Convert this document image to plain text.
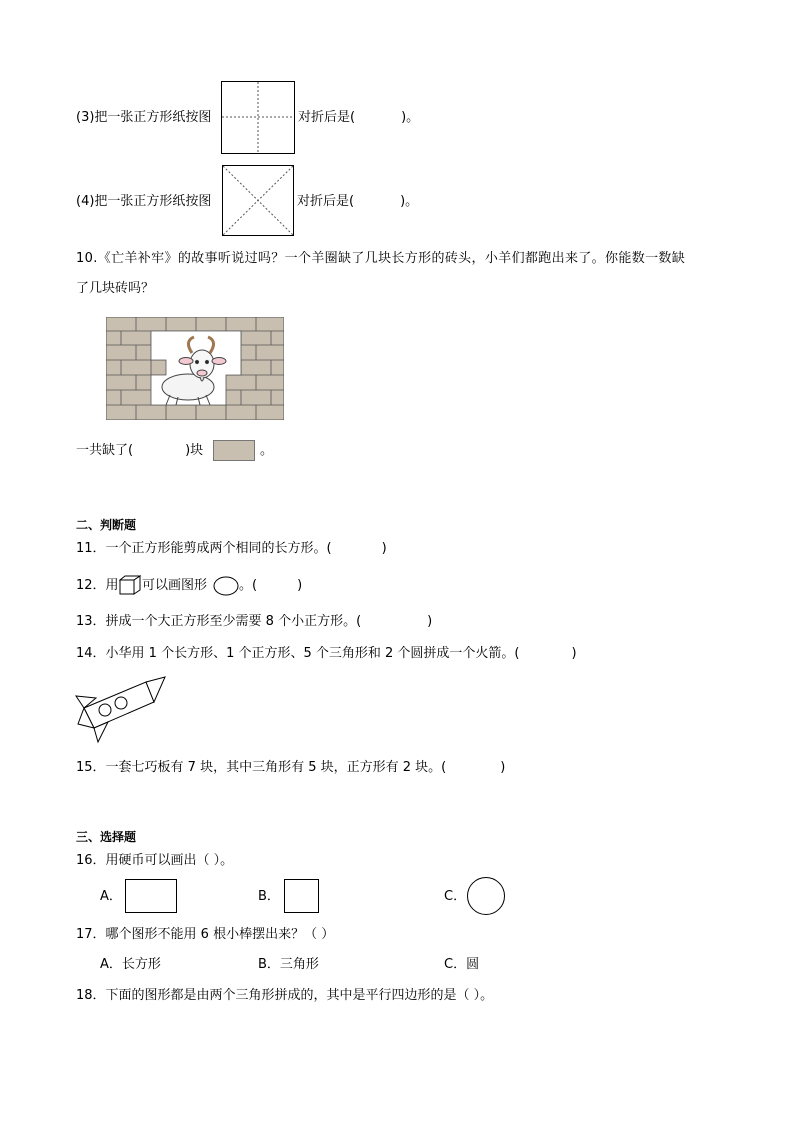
(3)把一张正方形纸按图	对折后是(	)。
(4)把一张正方形纸按图	对折后是(	)。
10.《亡羊补牢》的故事听说过吗？一个羊圈缺了几块长方形的砖头，小羊们都跑出来了。你能数一数缺
了几块砖吗？
一共缺了(	)块	。
二、判断题
11．一个正方形能剪成两个相同的长方形。(	)
12．用 可以画图形 。(	)
13．拼成一个大正方形至少需要 8 个小正方形。(	)
14．小华用 1 个长方形、1 个正方形、5 个三角形和 2 个圆拼成一个火箭。(	)
15．一套七巧板有 7 块，其中三角形有 5 块，正方形有 2 块。(	)
三、选择题
16．用硬币可以画出（ ）。
A．	B．	C．
17．哪个图形不能用 6 根小棒摆出来？（ ）
A．长方形	B．三角形	C．圆
18．下面的图形都是由两个三角形拼成的，其中是平行四边形的是（ ）。
